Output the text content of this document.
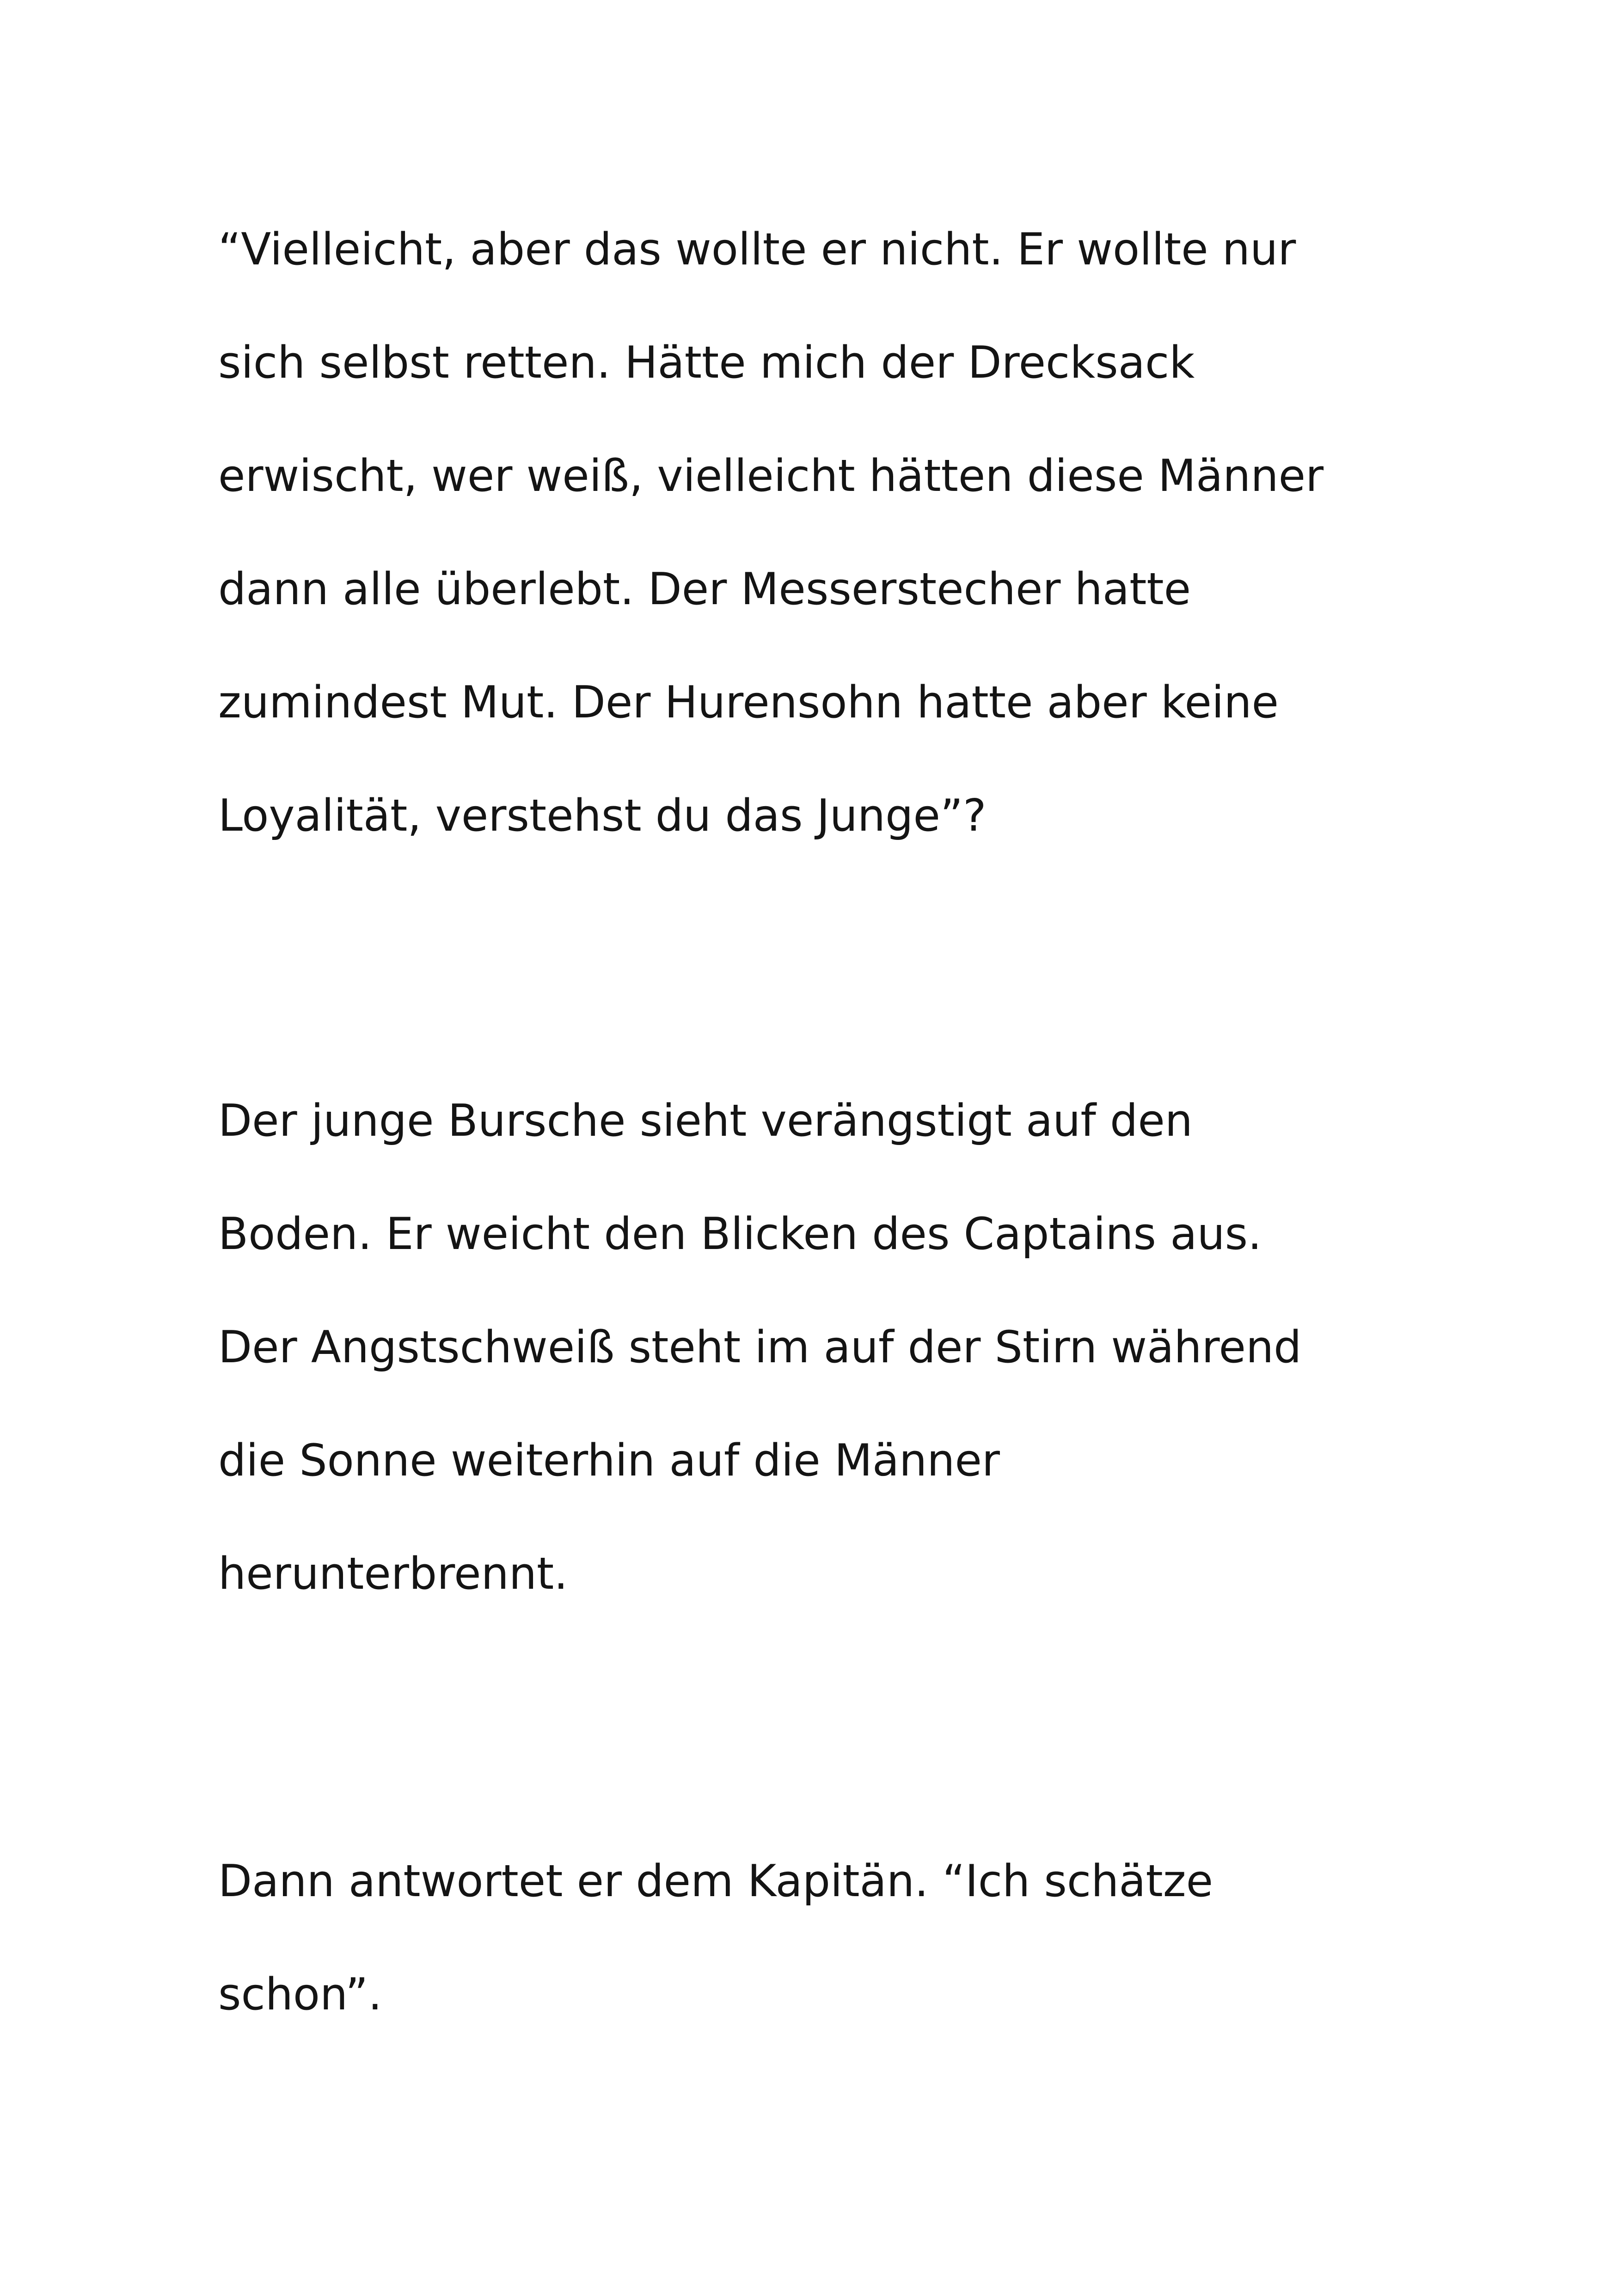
“Vielleicht, aber das wollte er nicht. Er wollte nur

sich selbst retten. Hätte mich der Drecksack

erwischt, wer weiß, vielleicht hätten diese Männer

dann alle überlebt. Der Messerstecher hatte

zumindest Mut. Der Hurensohn hatte aber keine

Loyalität, verstehst du das Junge”?

Der junge Bursche sieht verängstigt auf den

Boden. Er weicht den Blicken des Captains aus.

Der Angstschweiß steht im auf der Stirn während

die Sonne weiterhin auf die Männer

herunterbrennt.

Dann antwortet er dem Kapitän. “Ich schätze

schon”.
